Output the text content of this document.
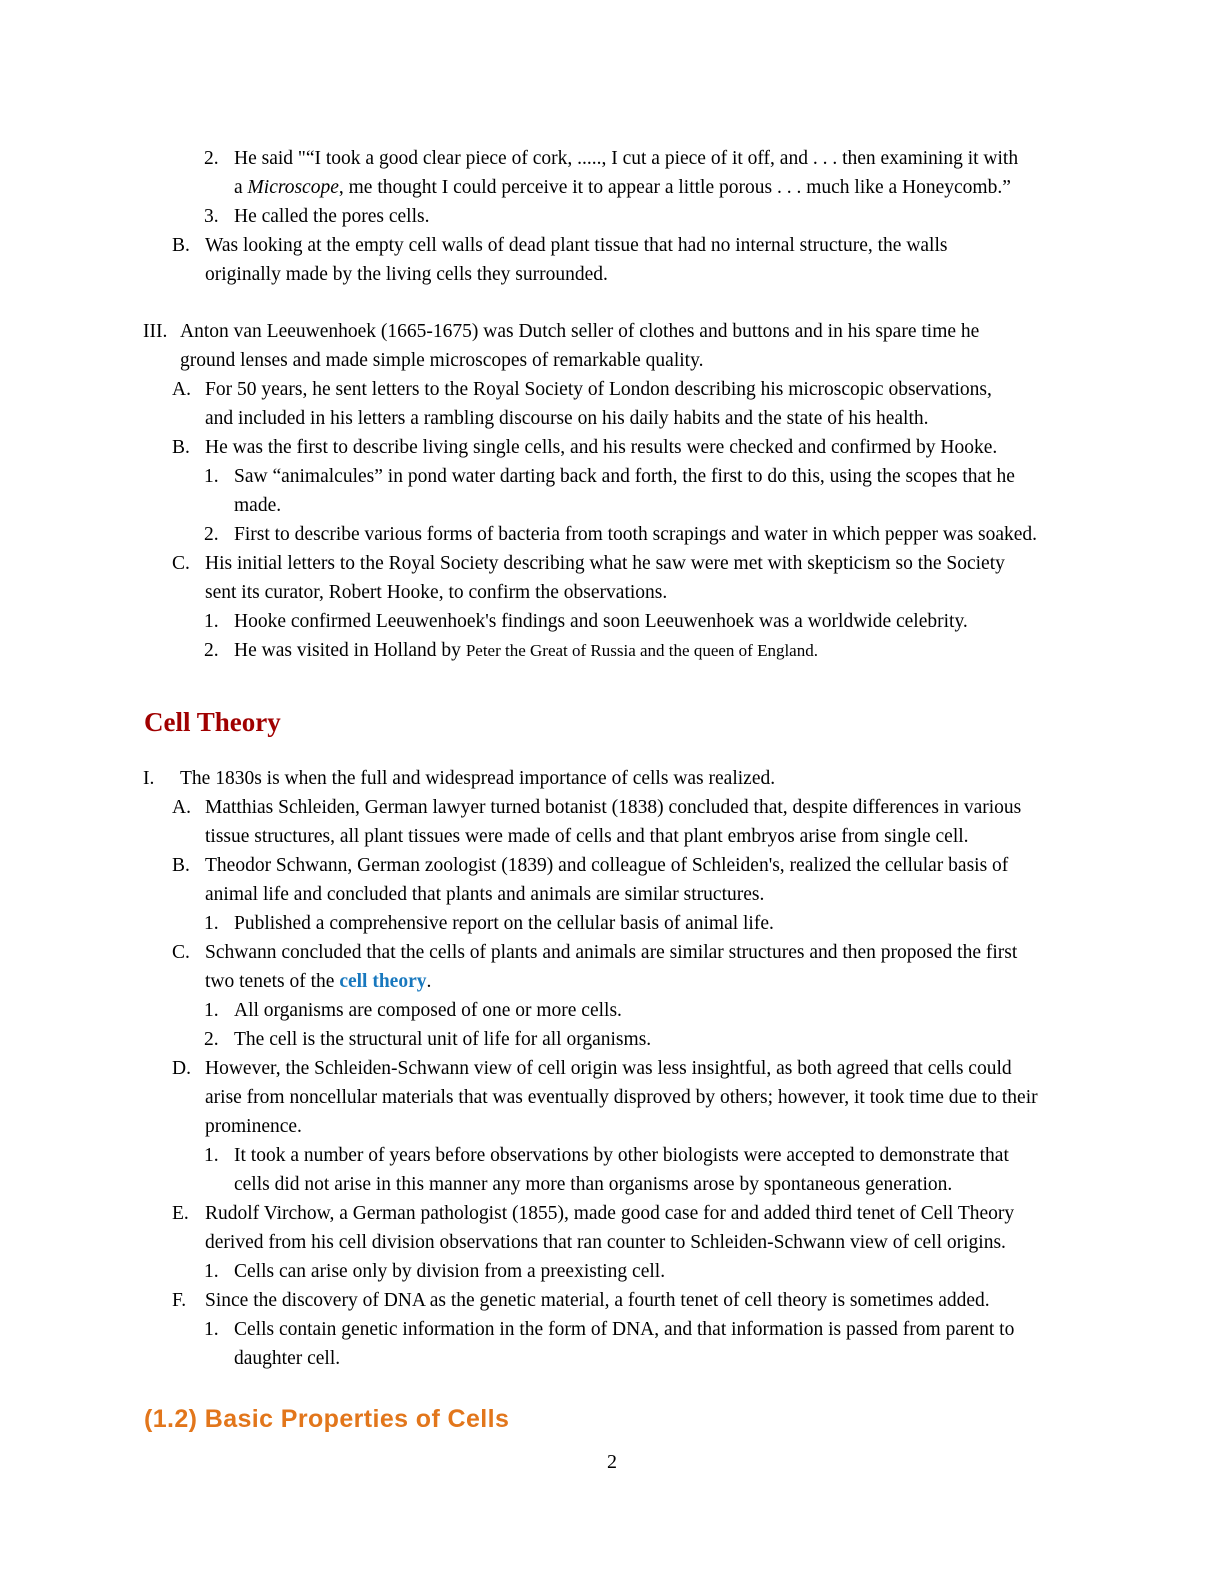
2. He said "“I took a good clear piece of cork, ....., I cut a piece of it off, and . . . then examining it with
a Microscope, me thought I could perceive it to appear a little porous . . . much like a Honeycomb.”
3. He called the pores cells.
B. Was looking at the empty cell walls of dead plant tissue that had no internal structure, the walls
originally made by the living cells they surrounded.
III. Anton van Leeuwenhoek (1665-1675) was Dutch seller of clothes and buttons and in his spare time he
ground lenses and made simple microscopes of remarkable quality.
A. For 50 years, he sent letters to the Royal Society of London describing his microscopic observations,
and included in his letters a rambling discourse on his daily habits and the state of his health.
B. He was the first to describe living single cells, and his results were checked and confirmed by Hooke.
1. Saw “animalcules” in pond water darting back and forth, the first to do this, using the scopes that he
made.
2. First to describe various forms of bacteria from tooth scrapings and water in which pepper was soaked.
C. His initial letters to the Royal Society describing what he saw were met with skepticism so the Society
sent its curator, Robert Hooke, to confirm the observations.
1. Hooke confirmed Leeuwenhoek's findings and soon Leeuwenhoek was a worldwide celebrity.
2. He was visited in Holland by Peter the Great of Russia and the queen of England.
Cell Theory
I. The 1830s is when the full and widespread importance of cells was realized.
A. Matthias Schleiden, German lawyer turned botanist (1838) concluded that, despite differences in various
tissue structures, all plant tissues were made of cells and that plant embryos arise from single cell.
B. Theodor Schwann, German zoologist (1839) and colleague of Schleiden's, realized the cellular basis of
animal life and concluded that plants and animals are similar structures.
1. Published a comprehensive report on the cellular basis of animal life.
C. Schwann concluded that the cells of plants and animals are similar structures and then proposed the first
two tenets of the cell theory.
1. All organisms are composed of one or more cells.
2. The cell is the structural unit of life for all organisms.
D. However, the Schleiden-Schwann view of cell origin was less insightful, as both agreed that cells could
arise from noncellular materials that was eventually disproved by others; however, it took time due to their
prominence.
1. It took a number of years before observations by other biologists were accepted to demonstrate that
cells did not arise in this manner any more than organisms arose by spontaneous generation.
E. Rudolf Virchow, a German pathologist (1855), made good case for and added third tenet of Cell Theory
derived from his cell division observations that ran counter to Schleiden-Schwann view of cell origins.
1. Cells can arise only by division from a preexisting cell.
F. Since the discovery of DNA as the genetic material, a fourth tenet of cell theory is sometimes added.
1. Cells contain genetic information in the form of DNA, and that information is passed from parent to
daughter cell.
(1.2) Basic Properties of Cells
2
